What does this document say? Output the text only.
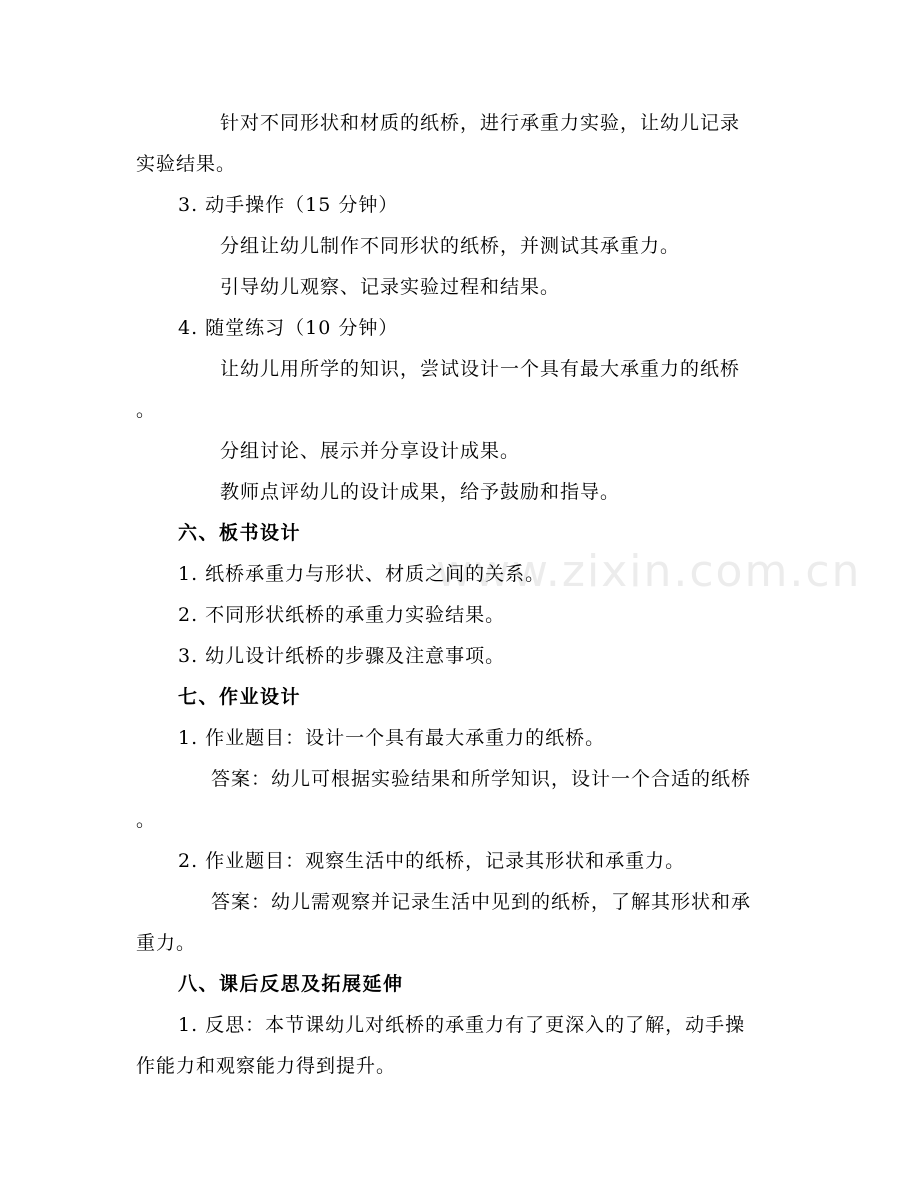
www.zixin.com.cn
针对不同形状和材质的纸桥，进行承重力实验，让幼儿记录
实验结果。
3. 动手操作（15 分钟）
分组让幼儿制作不同形状的纸桥，并测试其承重力。
引导幼儿观察、记录实验过程和结果。
4. 随堂练习（10 分钟）
让幼儿用所学的知识，尝试设计一个具有最大承重力的纸桥
。
分组讨论、展示并分享设计成果。
教师点评幼儿的设计成果，给予鼓励和指导。
六、板书设计
1. 纸桥承重力与形状、材质之间的关系。
2. 不同形状纸桥的承重力实验结果。
3. 幼儿设计纸桥的步骤及注意事项。
七、作业设计
1. 作业题目：设计一个具有最大承重力的纸桥。
答案：幼儿可根据实验结果和所学知识，设计一个合适的纸桥
。
2. 作业题目：观察生活中的纸桥，记录其形状和承重力。
答案：幼儿需观察并记录生活中见到的纸桥，了解其形状和承
重力。
八、课后反思及拓展延伸
1. 反思：本节课幼儿对纸桥的承重力有了更深入的了解，动手操
作能力和观察能力得到提升。
